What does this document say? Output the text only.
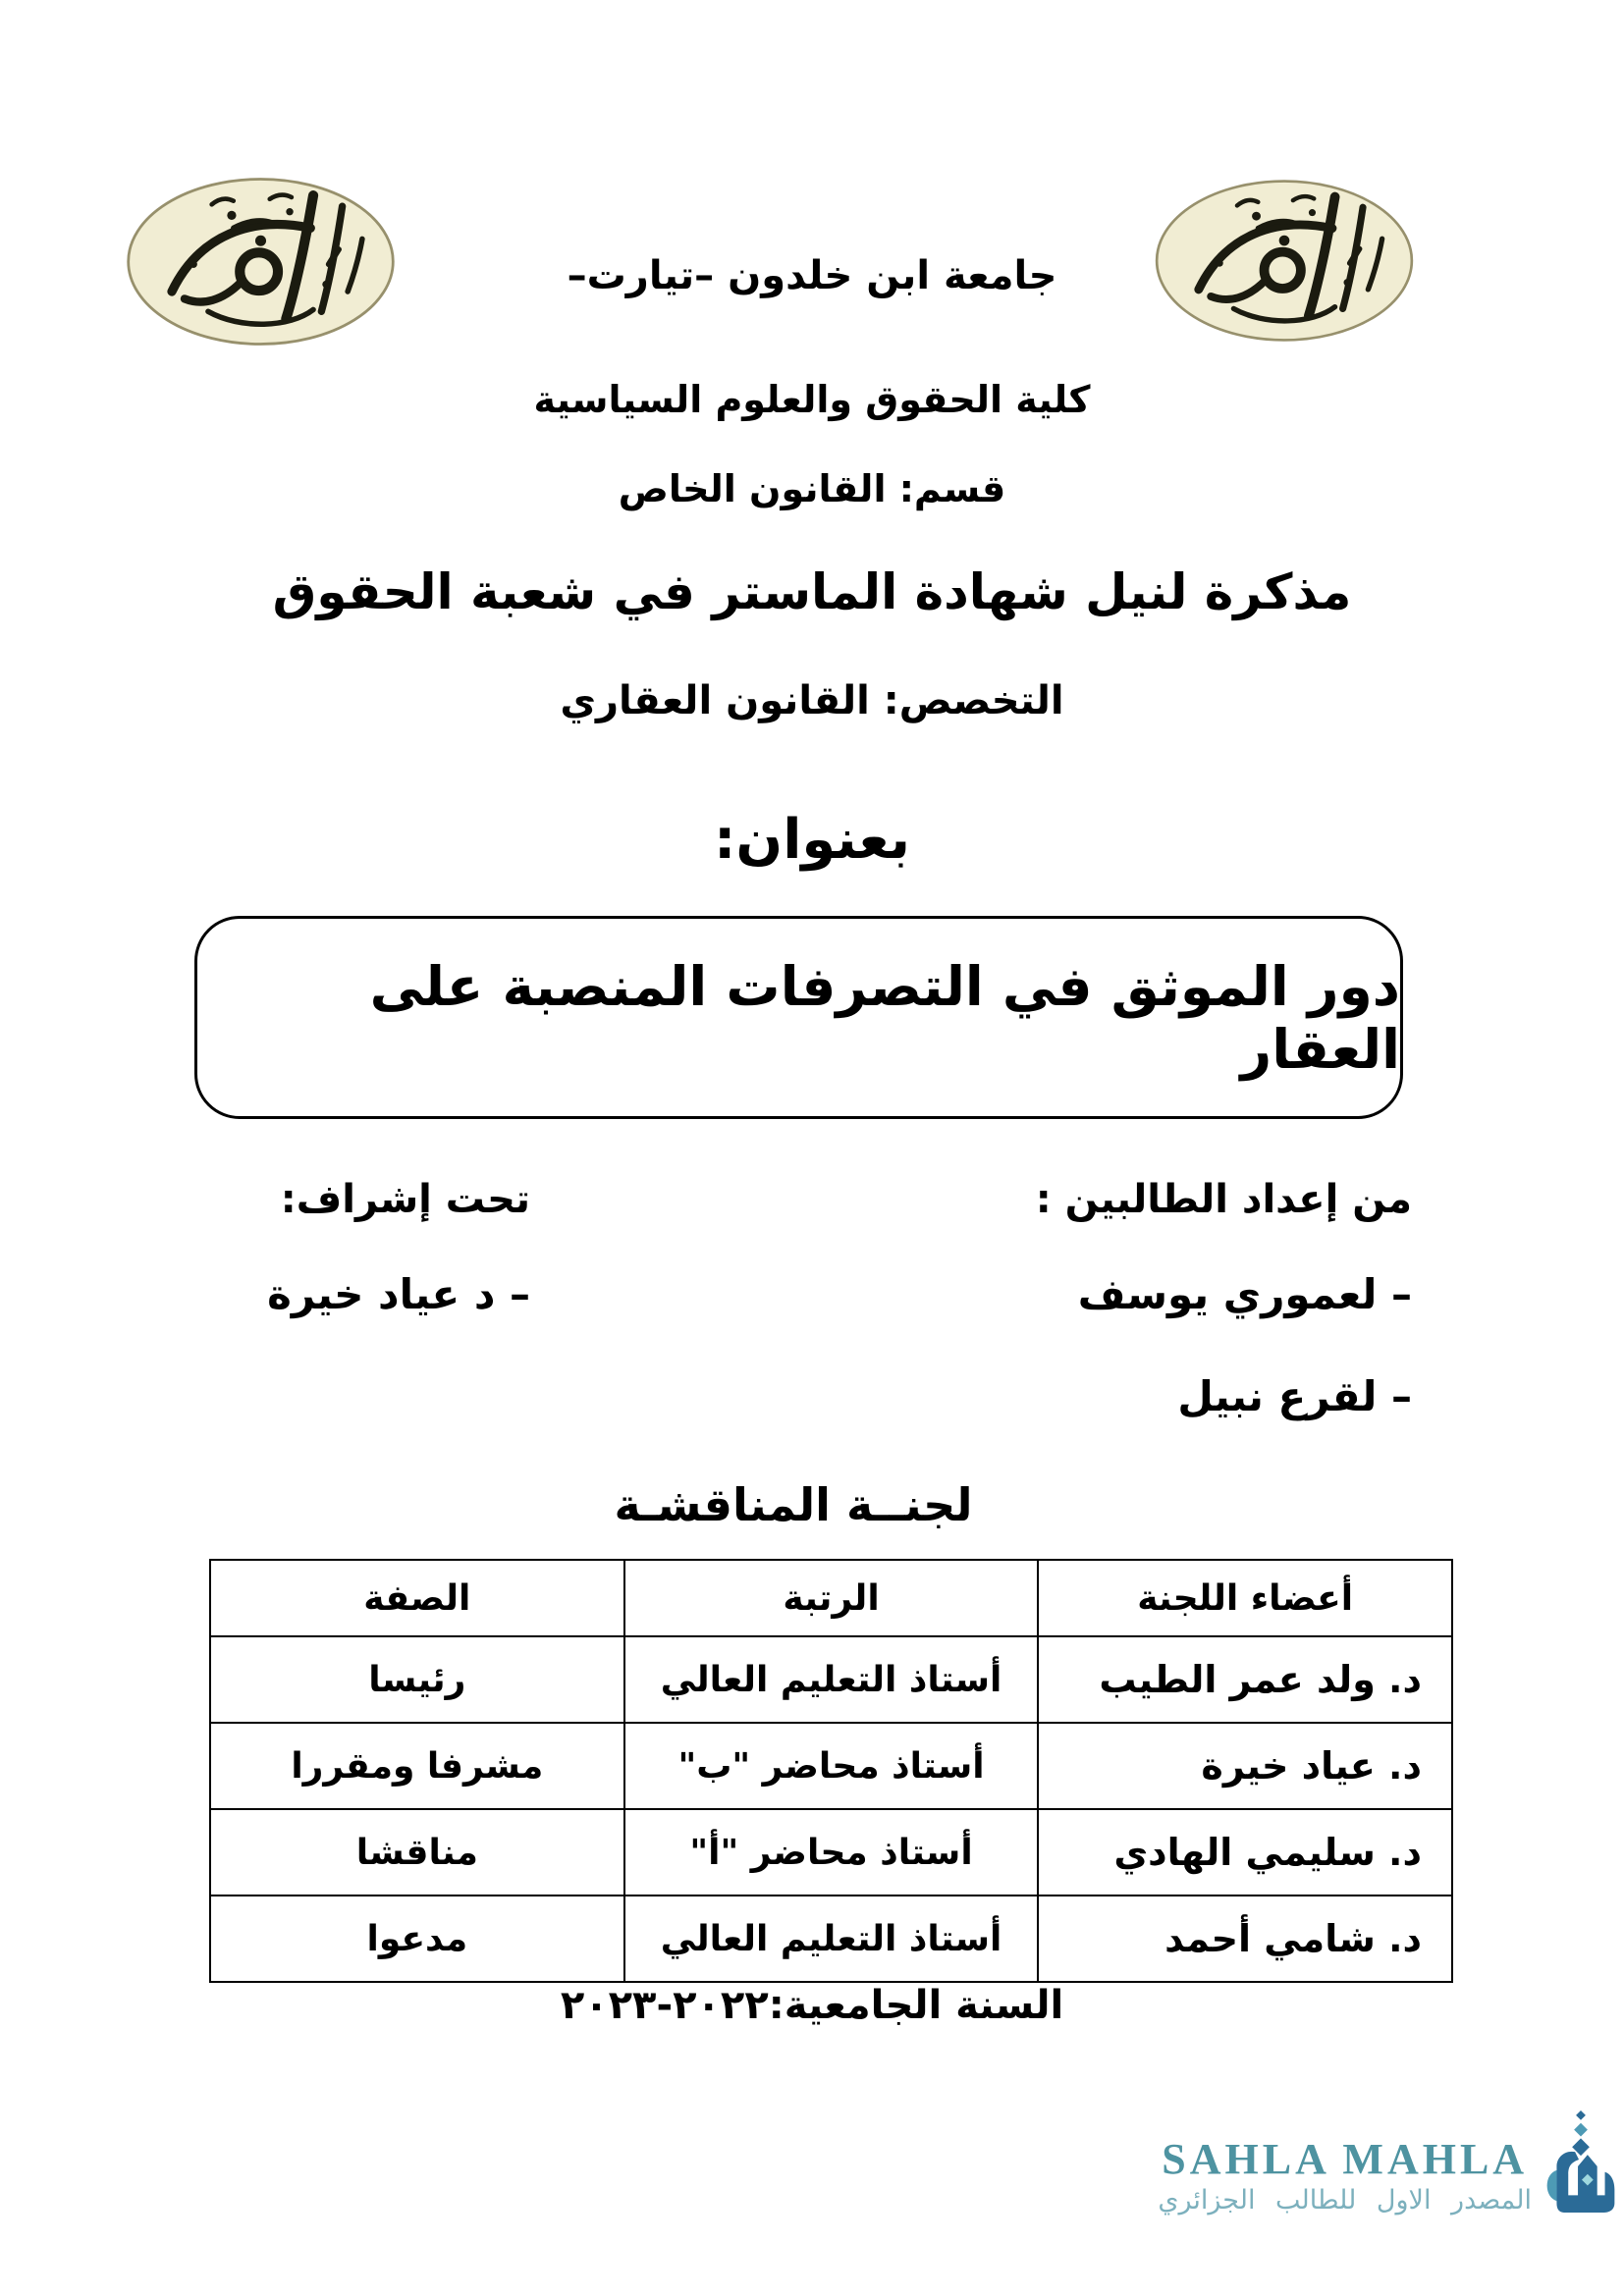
جامعة ابن خلدون –تيارت–
كلية الحقوق والعلوم السياسية
قسم: القانون الخاص
مذكرة لنيل شهادة الماستر في شعبة الحقوق
التخصص: القانون العقاري
بعنوان:
دور الموثق في التصرفات المنصبة على العقار
من إعداد الطالبين :
– لعموري يوسف
– لقرع نبيل
تحت إشراف:
– د عياد خيرة
لجنــة المناقشـة
أعضاء اللجنة	الرتبة	الصفة
د. ولد عمر الطيب	أستاذ التعليم العالي	رئيسا
د. عياد خيرة	أستاذ محاضر "ب"	مشرفا ومقررا
د. سليمي الهادي	أستاذ محاضر "أ"	مناقشا
د. شامي أحمد	أستاذ التعليم العالي	مدعوا
السنة الجامعية:٢٠٢٢-٢٠٢٣
SAHLA MAHLA
المصدر الاول للطالب الجزائري
